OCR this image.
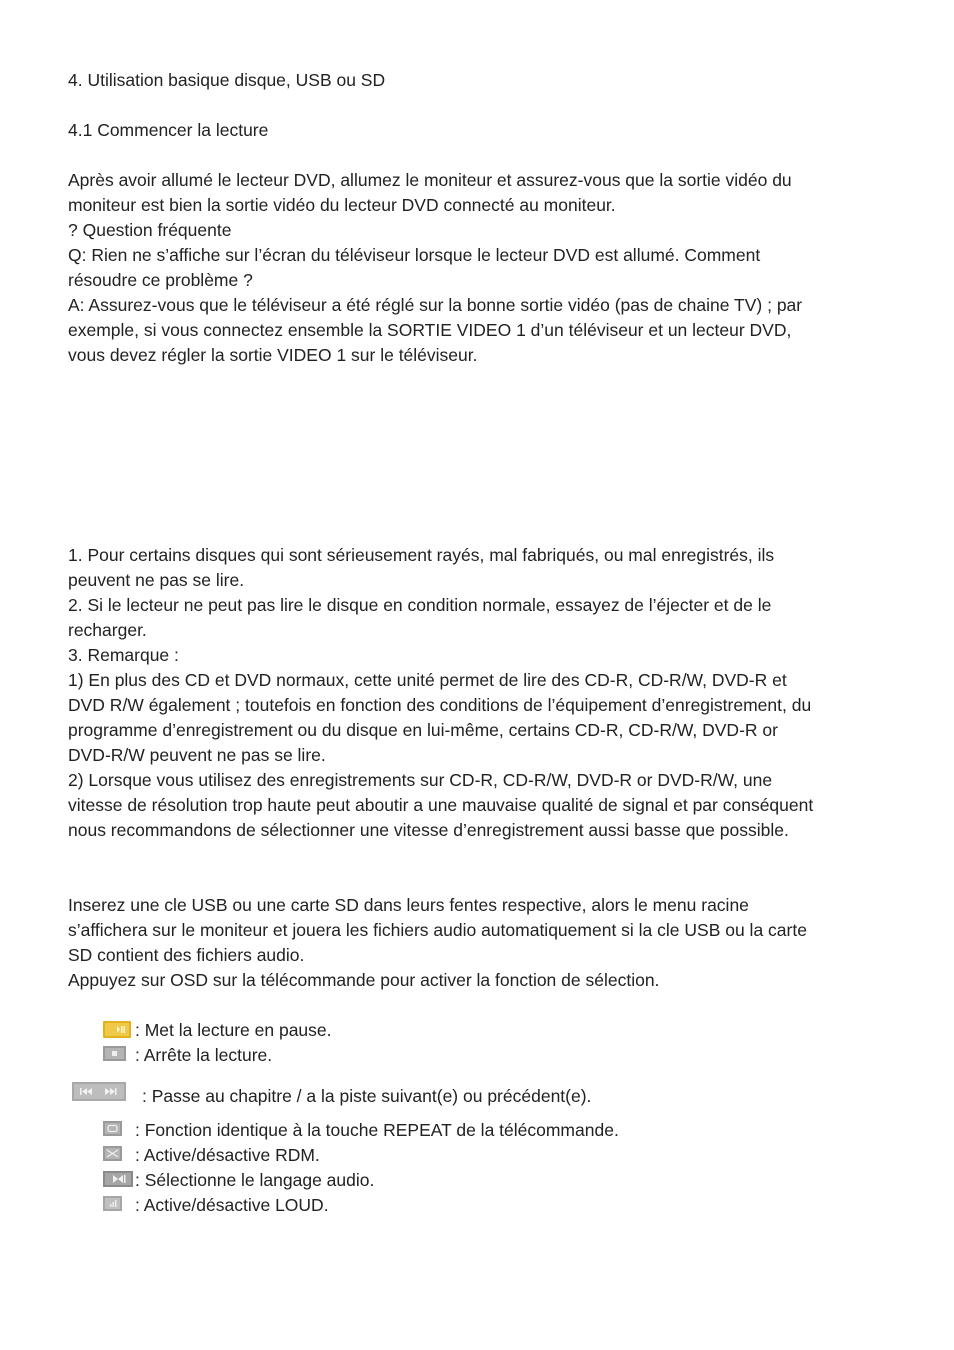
4. Utilisation basique disque, USB ou SD
4.1 Commencer la lecture
Après avoir allumé le lecteur DVD, allumez le moniteur et assurez-vous que la sortie vidéo du
moniteur est bien la sortie vidéo du lecteur DVD connecté au moniteur.
? Question fréquente
Q: Rien ne s’affiche sur l’écran du téléviseur lorsque le lecteur DVD est allumé. Comment
résoudre ce problème ?
A: Assurez-vous que le téléviseur a été réglé sur la bonne sortie vidéo (pas de chaine TV) ; par
exemple, si vous connectez ensemble la SORTIE VIDEO 1 d’un téléviseur et un lecteur DVD,
vous devez régler la sortie VIDEO 1 sur le téléviseur.
1. Pour certains disques qui sont sérieusement rayés, mal fabriqués, ou mal enregistrés, ils
peuvent ne pas se lire.
2. Si le lecteur ne peut pas lire le disque en condition normale, essayez de l’éjecter et de le
recharger.
3. Remarque :
1) En plus des CD et DVD normaux, cette unité permet de lire des CD-R, CD-R/W, DVD-R et
DVD R/W également ; toutefois en fonction des conditions de l’équipement d’enregistrement, du
programme d’enregistrement ou du disque en lui-même, certains CD-R, CD-R/W, DVD-R or
DVD-R/W peuvent ne pas se lire.
2) Lorsque vous utilisez des enregistrements sur CD-R, CD-R/W, DVD-R or DVD-R/W, une
vitesse de résolution trop haute peut aboutir a une mauvaise qualité de signal et par conséquent
nous recommandons de sélectionner une vitesse d’enregistrement aussi basse que possible.
Inserez une cle USB ou une carte SD dans leurs fentes respective, alors le menu racine
s’affichera sur le moniteur et jouera les fichiers audio automatiquement si la cle USB ou la carte
SD contient des fichiers audio.
Appuyez sur OSD sur la télécommande pour activer la fonction de sélection.
: Met la lecture en pause.
: Arrête la lecture.
: Passe au chapitre / a la piste suivant(e) ou précédent(e).
: Fonction identique à la touche REPEAT de la télécommande.
: Active/désactive RDM.
: Sélectionne le langage audio.
: Active/désactive LOUD.
